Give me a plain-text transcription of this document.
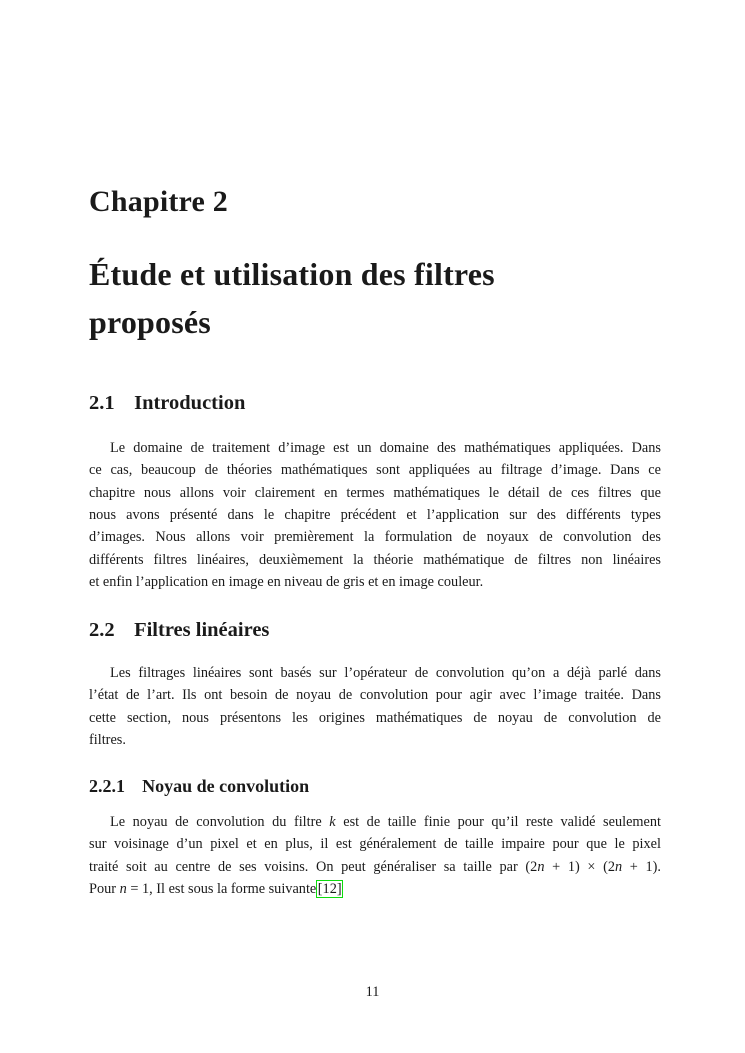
Chapitre 2
Étude et utilisation des filtres
proposés
2.1 Introduction
Le domaine de traitement d’image est un domaine des mathématiques appliquées. Dans
ce cas, beaucoup de théories mathématiques sont appliquées au filtrage d’image. Dans ce
chapitre nous allons voir clairement en termes mathématiques le détail de ces filtres que
nous avons présenté dans le chapitre précédent et l’application sur des différents types
d’images. Nous allons voir premièrement la formulation de noyaux de convolution des
différents filtres linéaires, deuxièmement la théorie mathématique de filtres non linéaires
et enfin l’application en image en niveau de gris et en image couleur.
2.2 Filtres linéaires
Les filtrages linéaires sont basés sur l’opérateur de convolution qu’on a déjà parlé dans
l’état de l’art. Ils ont besoin de noyau de convolution pour agir avec l’image traitée. Dans
cette section, nous présentons les origines mathématiques de noyau de convolution de
filtres.
2.2.1 Noyau de convolution
Le noyau de convolution du filtre k est de taille finie pour qu’il reste validé seulement
sur voisinage d’un pixel et en plus, il est généralement de taille impaire pour que le pixel
traité soit au centre de ses voisins. On peut généraliser sa taille par (2n + 1) × (2n + 1).
Pour n = 1, Il est sous la forme suivante [12]
11
